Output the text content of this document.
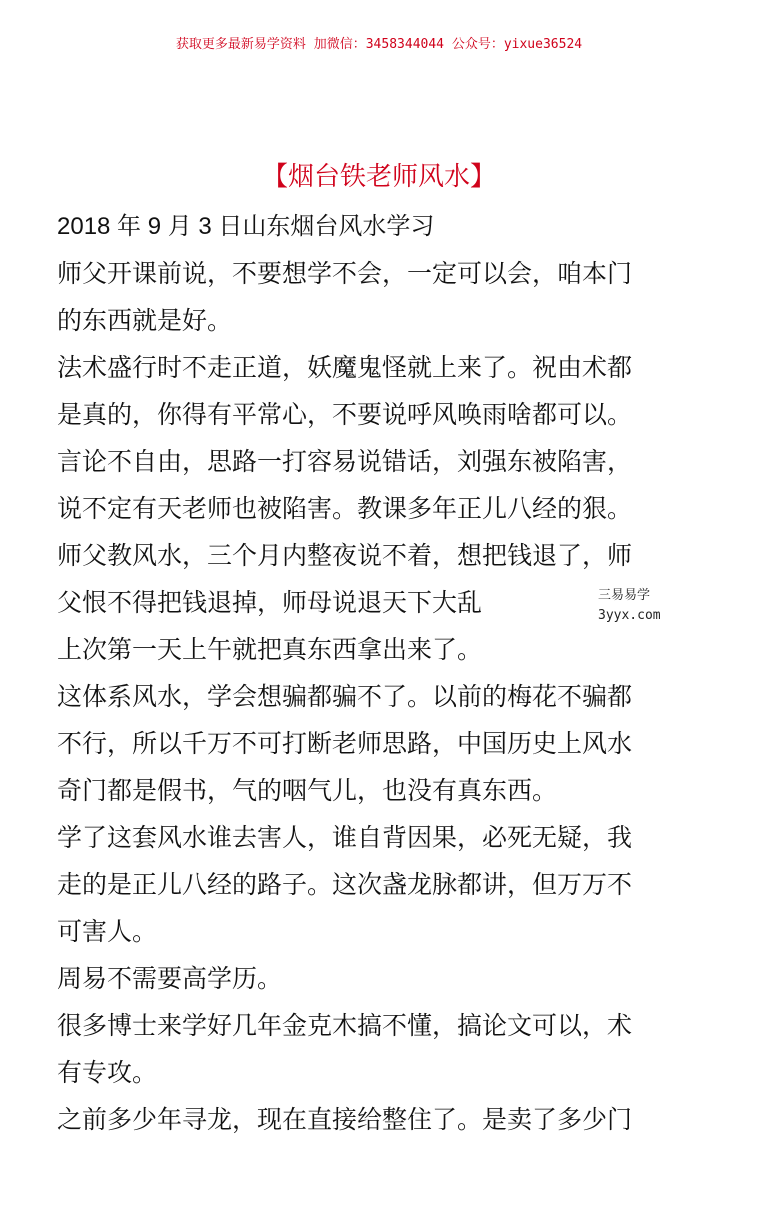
获取更多最新易学资料 加微信：3458344044 公众号：yixue36524
【烟台铁老师风水】
2018 年 9 月 3 日山东烟台风水学习
师父开课前说，不要想学不会，一定可以会，咱本门
的东西就是好。
法术盛行时不走正道，妖魔鬼怪就上来了。祝由术都
是真的，你得有平常心，不要说呼风唤雨啥都可以。
言论不自由，思路一打容易说错话，刘强东被陷害，
说不定有天老师也被陷害。教课多年正儿八经的狠。
师父教风水，三个月内整夜说不着，想把钱退了，师
父恨不得把钱退掉，师母说退天下大乱
上次第一天上午就把真东西拿出来了。
这体系风水，学会想骗都骗不了。以前的梅花不骗都
不行，所以千万不可打断老师思路，中国历史上风水
奇门都是假书，气的咽气儿，也没有真东西。
学了这套风水谁去害人，谁自背因果，必死无疑，我
走的是正儿八经的路子。这次盏龙脉都讲，但万万不
可害人。
周易不需要高学历。
很多博士来学好几年金克木搞不懂，搞论文可以，术
有专攻。
之前多少年寻龙，现在直接给整住了。是卖了多少门
三易易学
3yyx.com
